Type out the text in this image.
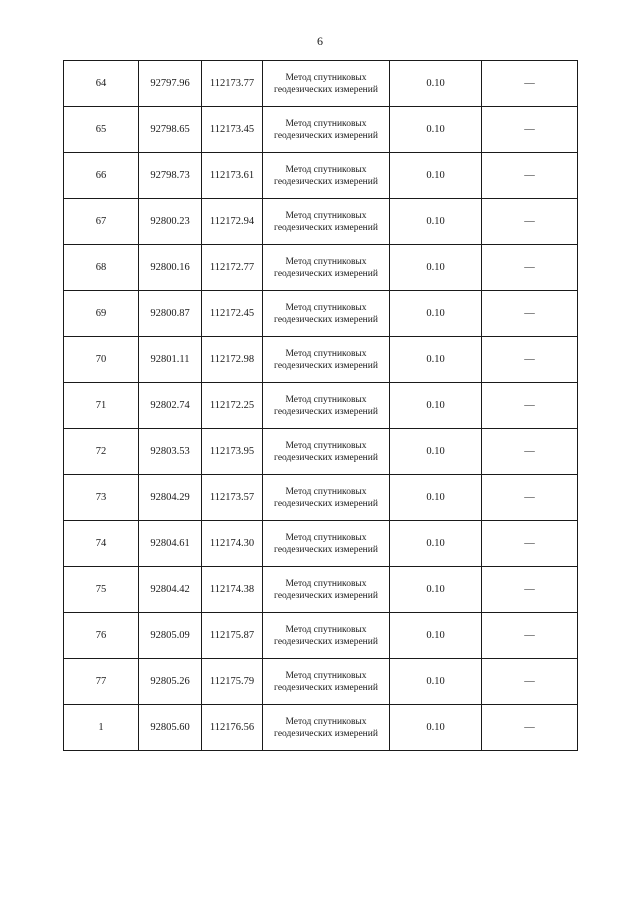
6
64	92797.96	112173.77	Метод спутниковых
геодезических измерений	0.10	—
65	92798.65	112173.45	Метод спутниковых
геодезических измерений	0.10	—
66	92798.73	112173.61	Метод спутниковых
геодезических измерений	0.10	—
67	92800.23	112172.94	Метод спутниковых
геодезических измерений	0.10	—
68	92800.16	112172.77	Метод спутниковых
геодезических измерений	0.10	—
69	92800.87	112172.45	Метод спутниковых
геодезических измерений	0.10	—
70	92801.11	112172.98	Метод спутниковых
геодезических измерений	0.10	—
71	92802.74	112172.25	Метод спутниковых
геодезических измерений	0.10	—
72	92803.53	112173.95	Метод спутниковых
геодезических измерений	0.10	—
73	92804.29	112173.57	Метод спутниковых
геодезических измерений	0.10	—
74	92804.61	112174.30	Метод спутниковых
геодезических измерений	0.10	—
75	92804.42	112174.38	Метод спутниковых
геодезических измерений	0.10	—
76	92805.09	112175.87	Метод спутниковых
геодезических измерений	0.10	—
77	92805.26	112175.79	Метод спутниковых
геодезических измерений	0.10	—
1	92805.60	112176.56	Метод спутниковых
геодезических измерений	0.10	—
